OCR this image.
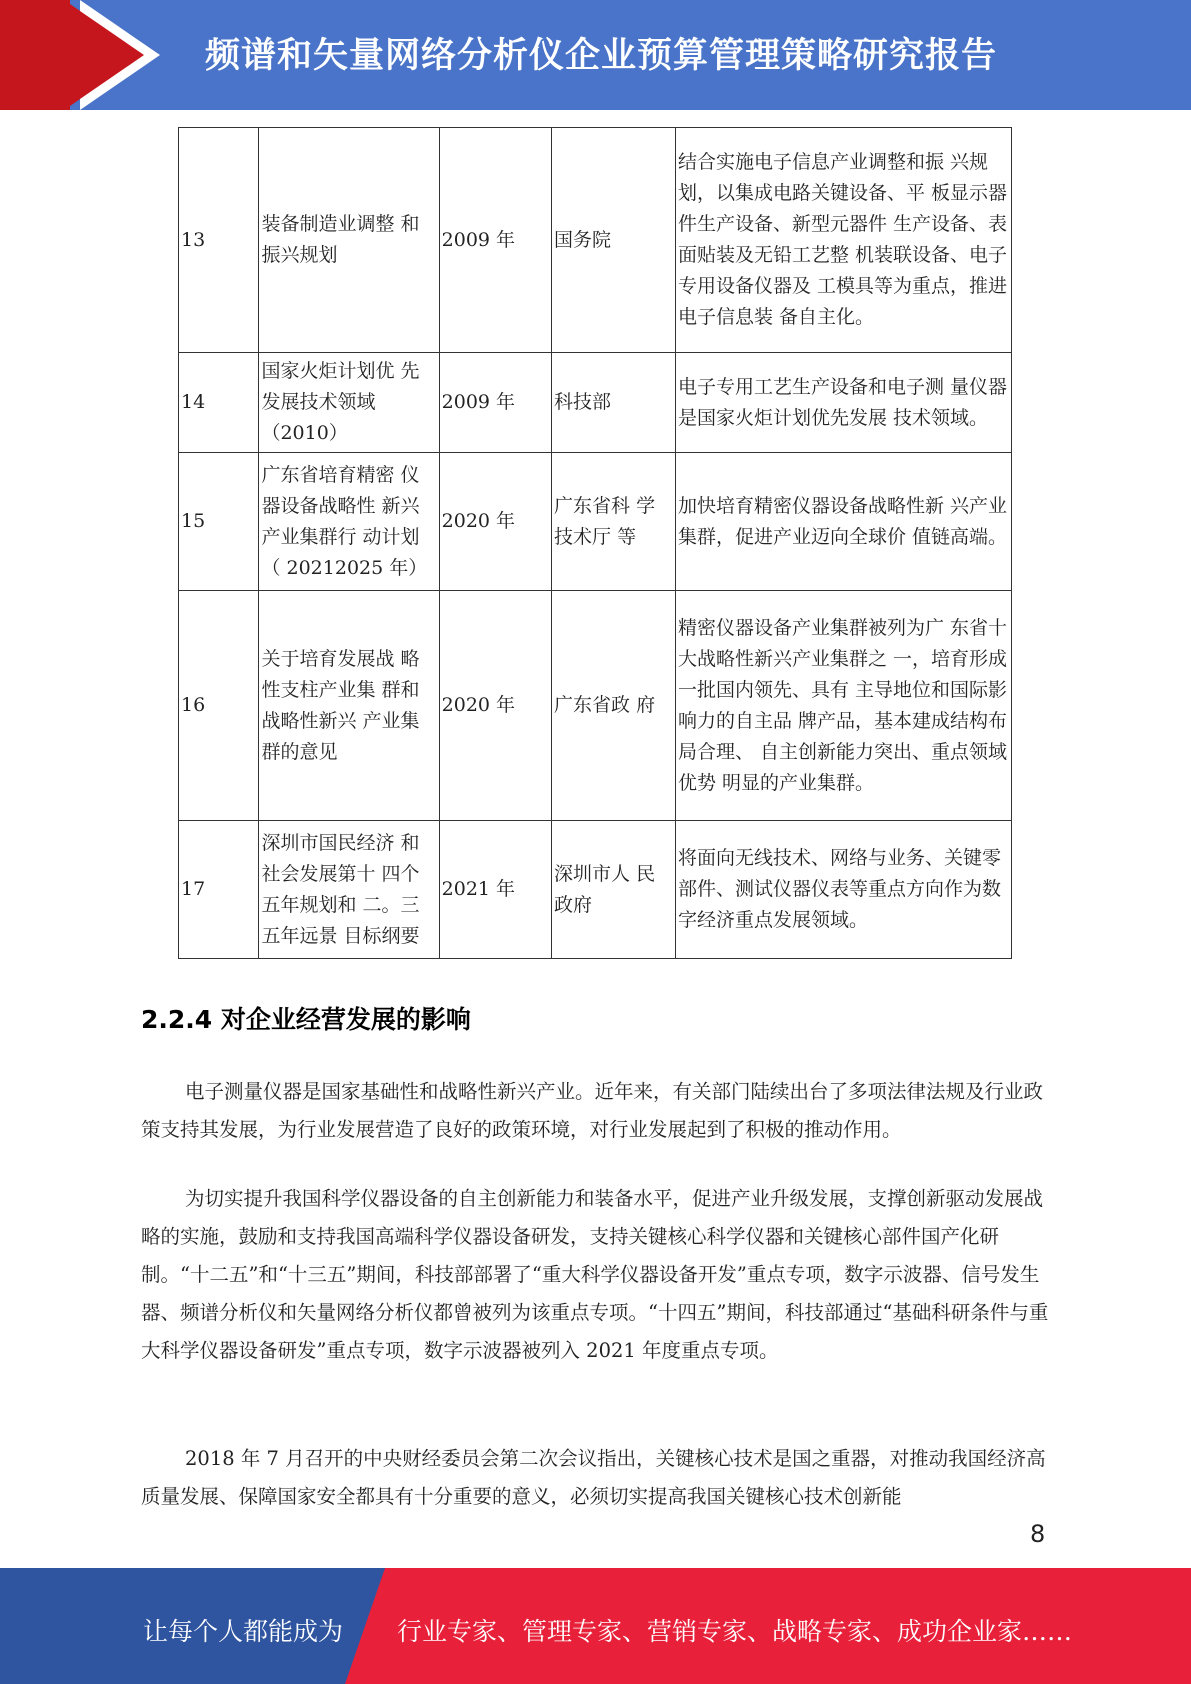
频谱和矢量网络分析仪企业预算管理策略研究报告
13	装备制造业调整 和振兴规划	2009 年	国务院	结合实施电子信息产业调整和振 兴规划，以集成电路关键设备、平 板显示器件生产设备、新型元器件 生产设备、表面贴装及无铅工艺整 机装联设备、电子专用设备仪器及 工模具等为重点，推进电子信息装 备自主化。
14	国家火炬计划优 先发展技术领域（2010）	2009 年	科技部	电子专用工艺生产设备和电子测 量仪器是国家火炬计划优先发展 技术领域。
15	广东省培育精密 仪器设备战略性 新兴产业集群行 动计划（ 20212025 年）	2020 年	广东省科 学技术厅 等	加快培育精密仪器设备战略性新 兴产业集群，促进产业迈向全球价 值链高端。
16	关于培育发展战 略性支柱产业集 群和战略性新兴 产业集群的意见	2020 年	广东省政 府	精密仪器设备产业集群被列为广 东省十大战略性新兴产业集群之 一，培育形成一批国内领先、具有 主导地位和国际影响力的自主品 牌产品，基本建成结构布局合理、 自主创新能力突出、重点领域优势 明显的产业集群。
17	深圳市国民经济 和社会发展第十 四个五年规划和 二。三五年远景 目标纲要	2021 年	深圳市人 民政府	将面向无线技术、网络与业务、关键零部件、测试仪器仪表等重点方向作为数字经济重点发展领域。
2.2.4 对企业经营发展的影响

电子测量仪器是国家基础性和战略性新兴产业。近年来，有关部门陆续出台了多项法律法规及行业政策支持其发展，为行业发展营造了良好的政策环境，对行业发展起到了积极的推动作用。

为切实提升我国科学仪器设备的自主创新能力和装备水平，促进产业升级发展，支撑创新驱动发展战略的实施，鼓励和支持我国高端科学仪器设备研发，支持关键核心科学仪器和关键核心部件国产化研制。“十二五”和“十三五”期间，科技部部署了“重大科学仪器设备开发”重点专项，数字示波器、信号发生器、频谱分析仪和矢量网络分析仪都曾被列为该重点专项。“十四五”期间，科技部通过“基础科研条件与重大科学仪器设备研发”重点专项，数字示波器被列入 2021 年度重点专项。

2018 年 7 月召开的中央财经委员会第二次会议指出，关键核心技术是国之重器，对推动我国经济高质量发展、保障国家安全都具有十分重要的意义，必须切实提高我国关键核心技术创新能

8
让每个人都能成为 行业专家、管理专家、营销专家、战略专家、成功企业家……
